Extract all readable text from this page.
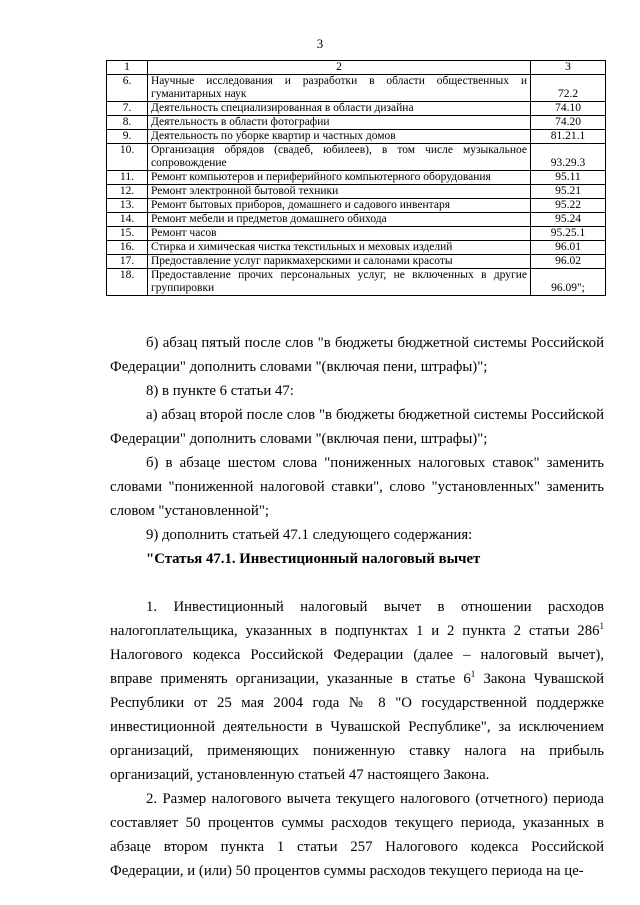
3
1	2	3
6.	Научные исследования и разработки в области общественных и гуманитарных наук	72.2
7.	Деятельность специализированная в области дизайна	74.10
8.	Деятельность в области фотографии	74.20
9.	Деятельность по уборке квартир и частных домов	81.21.1
10.	Организация обрядов (свадеб, юбилеев), в том числе музыкальное сопровождение	93.29.3
11.	Ремонт компьютеров и периферийного компьютерного оборудования	95.11
12.	Ремонт электронной бытовой техники	95.21
13.	Ремонт бытовых приборов, домашнего и садового инвентаря	95.22
14.	Ремонт мебели и предметов домашнего обихода	95.24
15.	Ремонт часов	95.25.1
16.	Стирка и химическая чистка текстильных и меховых изделий	96.01
17.	Предоставление услуг парикмахерскими и салонами красоты	96.02
18.	Предоставление прочих персональных услуг, не включенных в другие группировки	96.09";

б) абзац пятый после слов "в бюджеты бюджетной системы Российской Федерации" дополнить словами "(включая пени, штрафы)";

8) в пункте 6 статьи 47:

а) абзац второй после слов "в бюджеты бюджетной системы Российской Федерации" дополнить словами "(включая пени, штрафы)";

б) в абзаце шестом слова "пониженных налоговых ставок" заменить словами "пониженной налоговой ставки", слово "установленных" заменить словом "установленной";

9) дополнить статьей 47.1 следующего содержания:

"Статья 47.1. Инвестиционный налоговый вычет

1. Инвестиционный налоговый вычет в отношении расходов налогоплательщика, указанных в подпунктах 1 и 2 пункта 2 статьи $286^1$ Налогового кодекса Российской Федерации (далее – налоговый вычет), вправе применять организации, указанные в статье $6^1$ Закона Чувашской Республики от 25 мая 2004 года № 8 "О государственной поддержке инвестиционной деятельности в Чувашской Республике", за исключением организаций, применяющих пониженную ставку налога на прибыль организаций, установленную статьей 47 настоящего Закона.

2. Размер налогового вычета текущего налогового (отчетного) периода составляет 50 процентов суммы расходов текущего периода, указанных в абзаце втором пункта 1 статьи 257 Налогового кодекса Российской Федерации, и (или) 50 процентов суммы расходов текущего периода на це-
